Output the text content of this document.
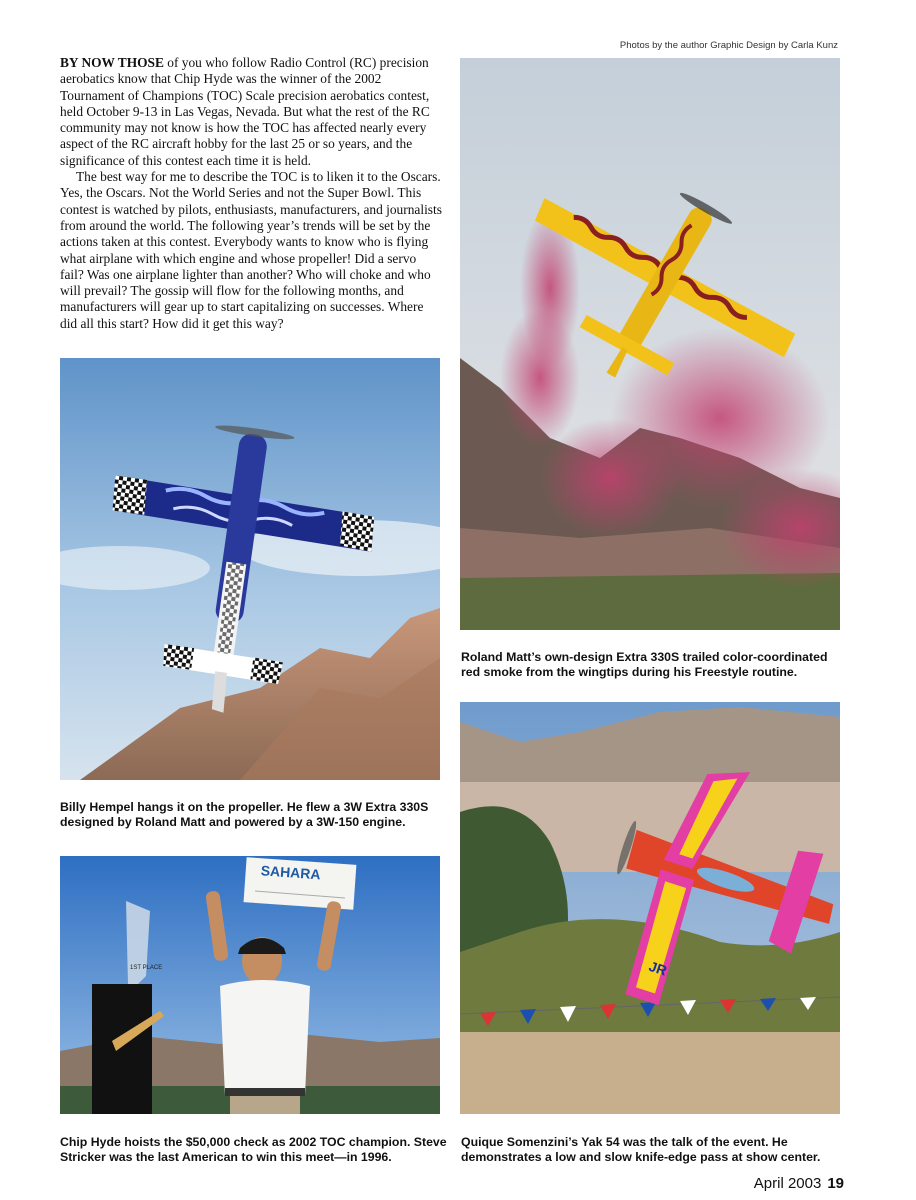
Photos by the author Graphic Design by Carla Kunz

BY NOW THOSE of you who follow Radio Control (RC) precision aerobatics know that Chip Hyde was the winner of the 2002 Tournament of Champions (TOC) Scale precision aerobatics contest, held October 9-13 in Las Vegas, Nevada. But what the rest of the RC community may not know is how the TOC has affected nearly every aspect of the RC aircraft hobby for the last 25 or so years, and the significance of this contest each time it is held.

The best way for me to describe the TOC is to liken it to the Oscars. Yes, the Oscars. Not the World Series and not the Super Bowl. This contest is watched by pilots, enthusiasts, manufacturers, and journalists from around the world. The following year’s trends will be set by the actions taken at this contest. Everybody wants to know who is flying what airplane with which engine and whose propeller! Did a servo fail? Was one airplane lighter than another? Who will choke and who will prevail? The gossip will flow for the following months, and manufacturers will gear up to start capitalizing on successes. Where did all this start? How did it get this way?

Billy Hempel hangs it on the propeller. He flew a 3W Extra 330S designed by Roland Matt and powered by a 3W-150 engine.

Roland Matt’s own-design Extra 330S trailed color-coordinated red smoke from the wingtips during his Freestyle routine.

1ST PLACE
SAHARA

Chip Hyde hoists the $50,000 check as 2002 TOC champion. Steve Stricker was the last American to win this meet—in 1996.

JR

Quique Somenzini’s Yak 54 was the talk of the event. He demonstrates a low and slow knife-edge pass at show center.

April 2003 19
